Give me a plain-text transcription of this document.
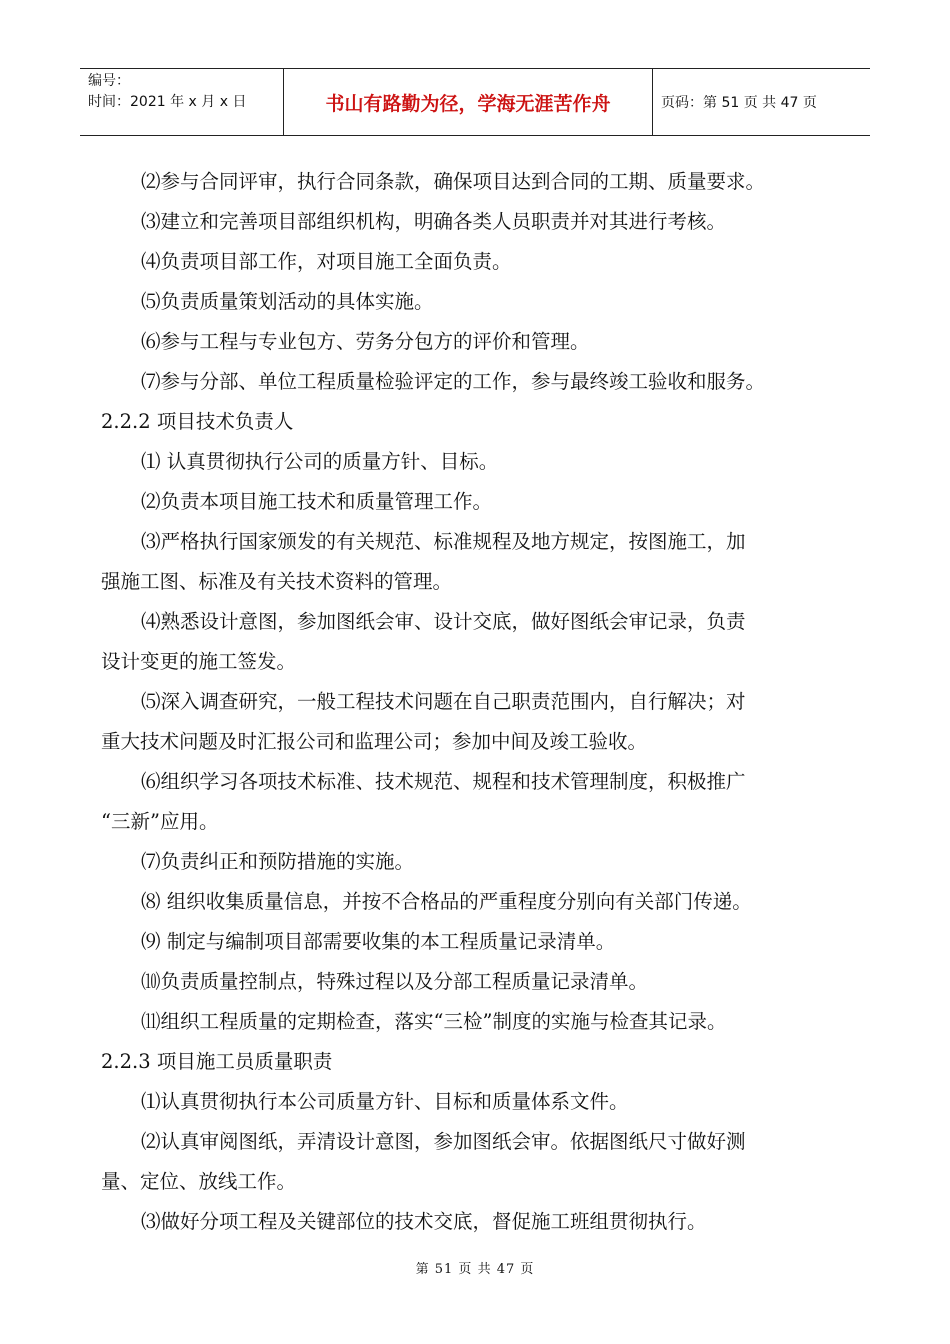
编号：
时间：2021 年 x 月 x 日	书山有路勤为径，学海无涯苦作舟	页码：第 51 页 共 47 页
⑵参与合同评审，执行合同条款，确保项目达到合同的工期、质量要求。
⑶建立和完善项目部组织机构，明确各类人员职责并对其进行考核。
⑷负责项目部工作，对项目施工全面负责。
⑸负责质量策划活动的具体实施。
⑹参与工程与专业包方、劳务分包方的评价和管理。
⑺参与分部、单位工程质量检验评定的工作，参与最终竣工验收和服务。
2.2.2 项目技术负责人
⑴ 认真贯彻执行公司的质量方针、目标。
⑵负责本项目施工技术和质量管理工作。
⑶严格执行国家颁发的有关规范、标准规程及地方规定，按图施工，加
强施工图、标准及有关技术资料的管理。
⑷熟悉设计意图，参加图纸会审、设计交底，做好图纸会审记录，负责
设计变更的施工签发。
⑸深入调查研究，一般工程技术问题在自己职责范围内，自行解决；对
重大技术问题及时汇报公司和监理公司；参加中间及竣工验收。
⑹组织学习各项技术标准、技术规范、规程和技术管理制度，积极推广
“三新”应用。
⑺负责纠正和预防措施的实施。
⑻ 组织收集质量信息，并按不合格品的严重程度分别向有关部门传递。
⑼ 制定与编制项目部需要收集的本工程质量记录清单。
⑽负责质量控制点，特殊过程以及分部工程质量记录清单。
⑾组织工程质量的定期检查，落实“三检”制度的实施与检查其记录。
2.2.3 项目施工员质量职责
⑴认真贯彻执行本公司质量方针、目标和质量体系文件。
⑵认真审阅图纸，弄清设计意图，参加图纸会审。依据图纸尺寸做好测
量、定位、放线工作。
⑶做好分项工程及关键部位的技术交底，督促施工班组贯彻执行。
第 51 页 共 47 页
